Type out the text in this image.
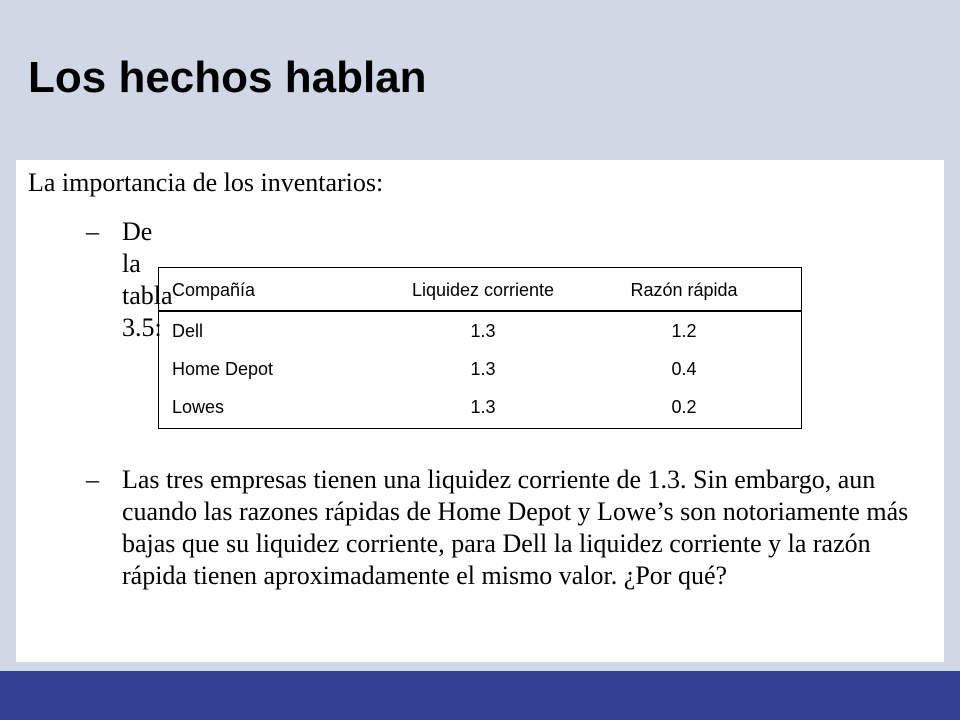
Los hechos hablan
La importancia de los inventarios:
– De la tabla 3.5:
Compañía	Liquidez corriente	Razón rápida
Dell	1.3	1.2
Home Depot	1.3	0.4
Lowes	1.3	0.2
– Las tres empresas tienen una liquidez corriente de 1.3. Sin embargo, aun cuando las razones rápidas de Home Depot y Lowe’s son notoriamente más bajas que su liquidez corriente, para Dell la liquidez corriente y la razón rápida tienen aproximadamente el mismo valor. ¿Por qué?
